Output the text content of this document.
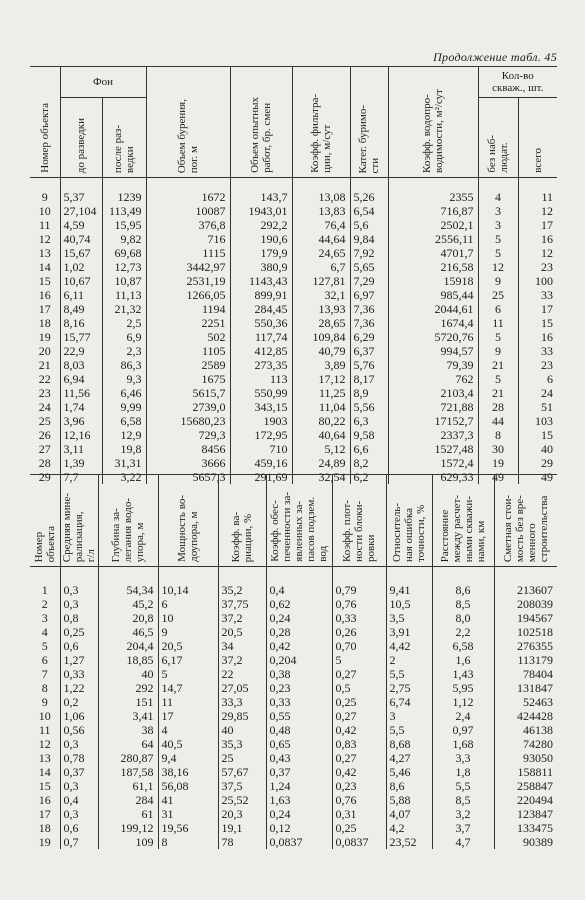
Продолжение табл. 45
Номер объекта	Фон		Объем бурения,
пог. м	Объем опытных
работ, бр. смен	Коэфф. фильтра-
ции, м/сут	Катег. буримо-
сти	Коэфф. водопро-
водимости, м²/сут	Кол-во
скваж., шт.	

	до разведки	после раз-
ведки						без наб-
людат.	всего

9	5,37	1239	1672	143,7	13,08	5,26	2355	4	11
10	27,104	113,49	10087	1943,01	13,83	6,54	716,87	3	12
11	4,59	15,95	376,8	292,2	76,4	5,6	2502,1	3	17
12	40,74	9,82	716	190,6	44,64	9,84	2556,11	5	16
13	15,67	69,68	1115	179,9	24,65	7,92	4701,7	5	12
14	1,02	12,73	3442,97	380,9	6,7	5,65	216,58	12	23
15	10,67	10,87	2531,19	1143,43	127,81	7,29	15918	9	100
16	6,11	11,13	1266,05	899,91	32,1	6,97	985,44	25	33
17	8,49	21,32	1194	284,45	13,93	7,36	2044,61	6	17
18	8,16	2,5	2251	550,36	28,65	7,36	1674,4	11	15
19	15,77	6,9	502	117,74	109,84	6,29	5720,76	5	16
20	22,9	2,3	1105	412,85	40,79	6,37	994,57	9	33
21	8,03	86,3	2589	273,35	3,89	5,76	79,39	21	23
22	6,94	9,3	1675	113	17,12	8,17	762	5	6
23	11,56	6,46	5615,7	550,99	11,25	8,9	2103,4	21	24
24	1,74	9,99	2739,0	343,15	11,04	5,56	721,88	28	51
25	3,96	6,58	15680,23	1903	80,22	6,3	17152,7	44	103
26	12,16	12,9	729,3	172,95	40,64	9,58	2337,3	8	15
27	3,11	19,8	8456	710	5,12	6,6	1527,48	30	40
28	1,39	31,31	3666	459,16	24,89	8,2	1572,4	19	29
29	7,7	3,22	5657,3	291,69	32,54	6,2	629,33	49	49
Номер
объекта	Средняя мине-
рализация,
г/л	Глубина за-
легания водо-
упора, м	Мощность во-
доупора, м	Коэфф. ва-
риации, %	Коэфф. обес-
печенности за-
явленных за-
пасов подзем.
вод	Коэфф. плот-
ности блоки-
ровки	Относитель-
ная ошибка
точности, %	Расстояние
между расчет-
ными скважи-
нами, км	Сметная стои-
мость без вре-
менного
строительства

1	0,3	54,34	10,14	35,2	0,4	0,79	9,41	8,6	213607
2	0,3	45,2	6	37,75	0,62	0,76	10,5	8,5	208039
3	0,8	20,8	10	37,2	0,24	0,33	3,5	8,0	194567
4	0,25	46,5	9	20,5	0,28	0,26	3,91	2,2	102518
5	0,6	204,4	20,5	34	0,42	0,70	4,42	6,58	276355
6	1,27	18,85	6,17	37,2	0,204	5	2	1,6	113179
7	0,33	40	5	22	0,38	0,27	5,5	1,43	78404
8	1,22	292	14,7	27,05	0,23	0,5	2,75	5,95	131847
9	0,2	151	11	33,3	0,33	0,25	6,74	1,12	52463
10	1,06	3,41	17	29,85	0,55	0,27	3	2,4	424428
11	0,56	38	4	40	0,48	0,42	5,5	0,97	46138
12	0,3	64	40,5	35,3	0,65	0,83	8,68	1,68	74280
13	0,78	280,87	9,4	25	0,43	0,27	4,27	3,3	93050
14	0,37	187,58	38,16	57,67	0,37	0,42	5,46	1,8	158811
15	0,3	61,1	56,08	37,5	1,24	0,23	8,6	5,5	258847
16	0,4	284	41	25,52	1,63	0,76	5,88	8,5	220494
17	0,3	61	31	20,3	0,24	0,31	4,07	3,2	123847
18	0,6	199,12	19,56	19,1	0,12	0,25	4,2	3,7	133475
19	0,7	109	8	78	0,0837	0,0837	23,52	4,7	90389
